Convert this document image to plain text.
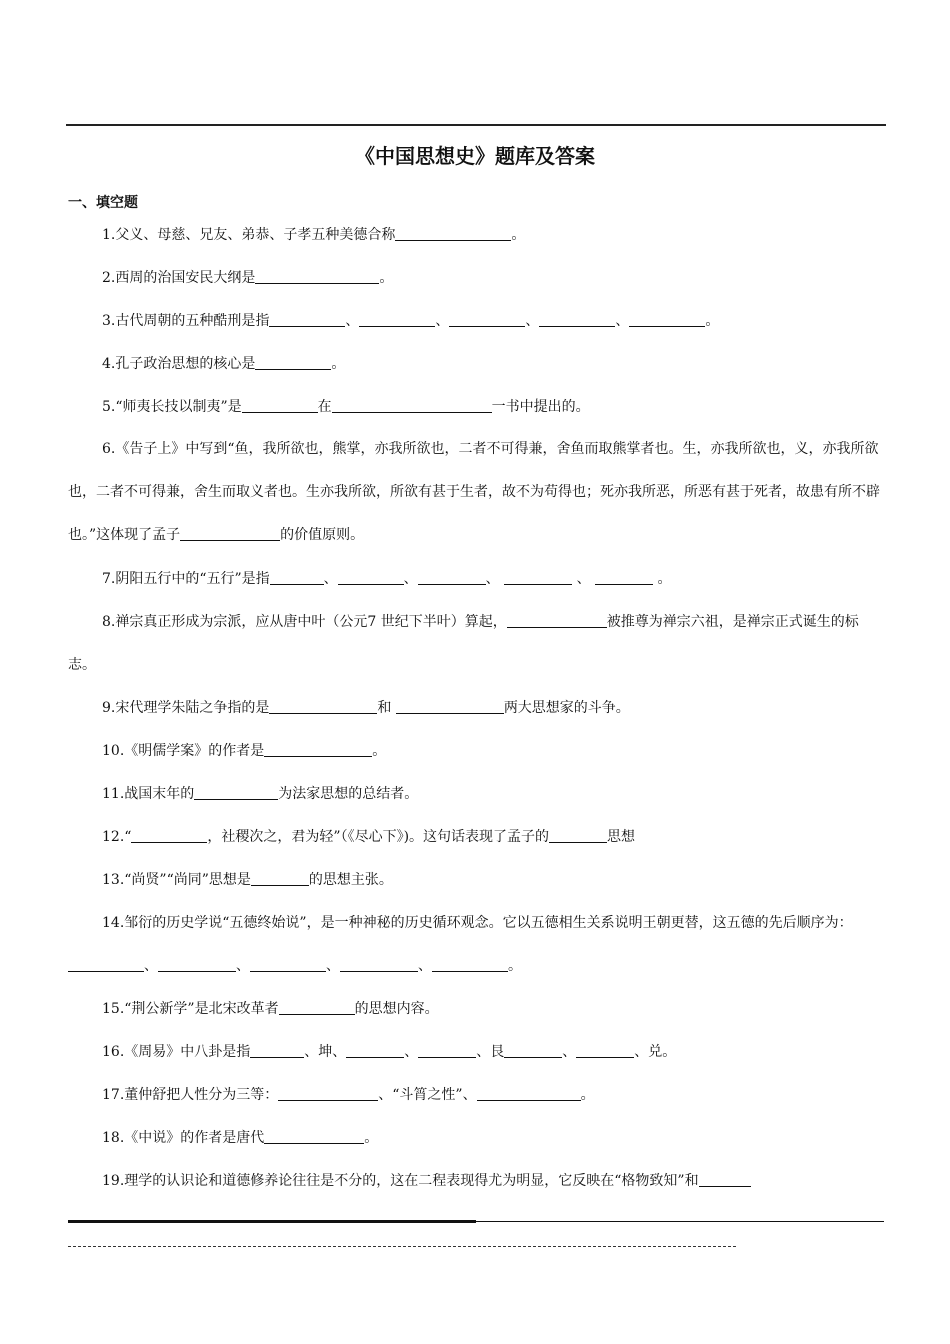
《中国思想史》题库及答案
一、填空题
1.父义、母慈、兄友、弟恭、子孝五种美德合称	。
2.西周的治国安民大纲是	。
3.古代周朝的五种酷刑是指	、	、	、	、	。
4.孔子政治思想的核心是	。
5.“师夷长技以制夷”是	在	一书中提出的。
6.《告子上》中写到“鱼，我所欲也，熊掌，亦我所欲也，二者不可得兼，舍鱼而取熊掌者也。生，亦我所欲也，义，亦我所欲也，二者不可得兼，舍生而取义者也。生亦我所欲，所欲有甚于生者，故不为苟得也；死亦我所恶，所恶有甚于死者，故患有所不辟也。”这体现了孟子	的价值原则。
7.阴阳五行中的“五行”是指	、	、	、	、	。
8.禅宗真正形成为宗派，应从唐中叶（公元7 世纪下半叶）算起，	被推尊为禅宗六祖，是禅宗正式诞生的标志。
9.宋代理学朱陆之争指的是	和	两大思想家的斗争。
10.《明儒学案》的作者是	。
11.战国末年的	为法家思想的总结者。
12.“	，社稷次之，君为轻”（《尽心下》)。这句话表现了孟子的	思想
13.“尚贤”“尚同”思想是	的思想主张。
14.邹衍的历史学说“五德终始说”，是一种神秘的历史循环观念。它以五德相生关系说明王朝更替，这五德的先后顺序为：、	、	、	、	。
15.“荆公新学”是北宋改革者	的思想内容。
16.《周易》中八卦是指	、坤、	、	、艮	、	、兑。
17.董仲舒把人性分为三等：	、“斗筲之性”、	。
18.《中说》的作者是唐代	。
19.理学的认识论和道德修养论往往是不分的，这在二程表现得尤为明显，它反映在“格物致知”和
